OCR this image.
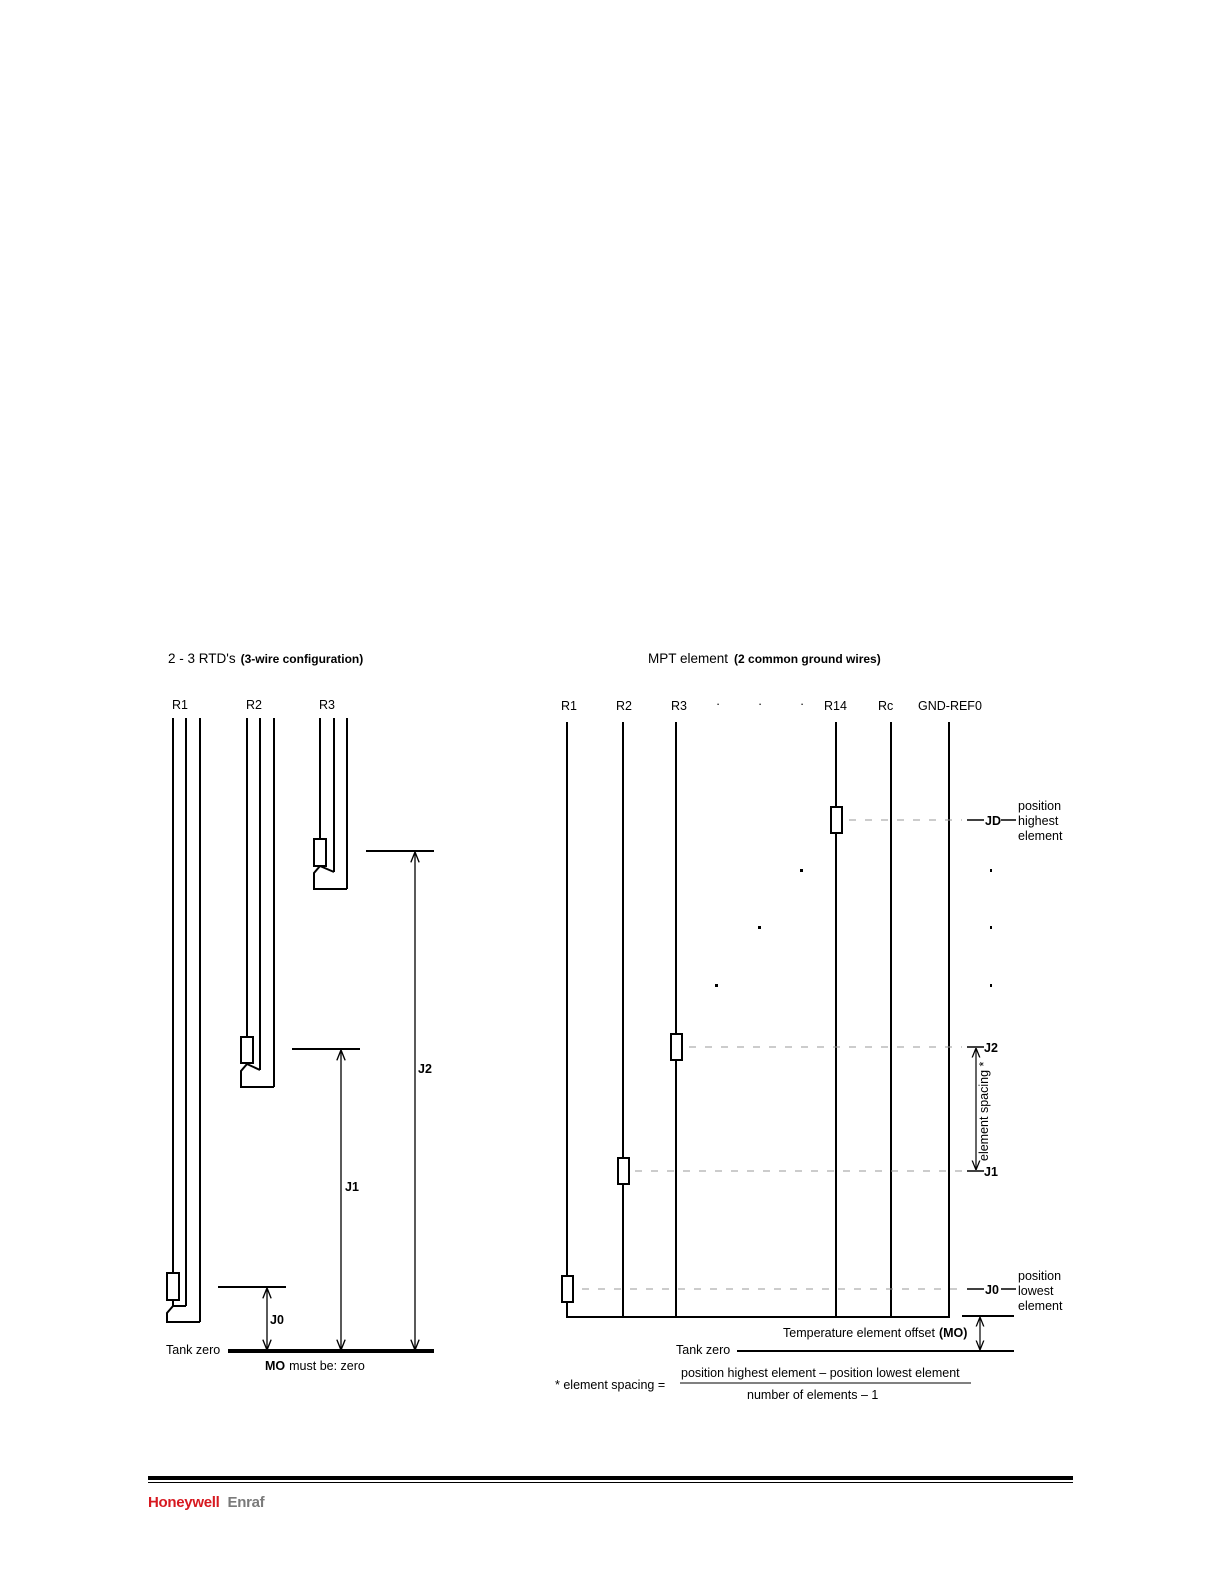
2 - 3 RTD's (3-wire configuration)
R1	R2	R3
J2
J1
J0
Tank zero
MO must be: zero
MPT element (2 common ground wires)
R1	R2	R3 ·	·	· R14 Rc GND-REF0
JD
J2
J1
J0
position
highest
element
position
lowest
element
element spacing *
Temperature element offset (MO)
Tank zero
* element spacing =
position highest element – position lowest element
number of elements – 1
Honeywell Enraf
